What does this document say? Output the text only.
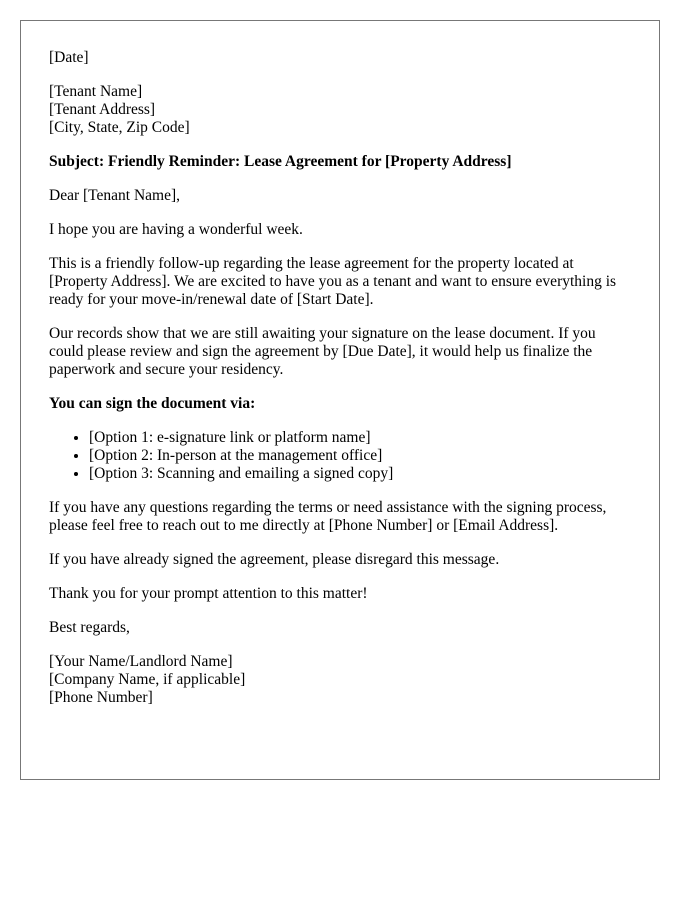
[Date]

[Tenant Name]
[Tenant Address]
[City, State, Zip Code]

Subject: Friendly Reminder: Lease Agreement for [Property Address]

Dear [Tenant Name],

I hope you are having a wonderful week.

This is a friendly follow-up regarding the lease agreement for the property located at [Property Address]. We are excited to have you as a tenant and want to ensure everything is ready for your move-in/renewal date of [Start Date].

Our records show that we are still awaiting your signature on the lease document. If you could please review and sign the agreement by [Due Date], it would help us finalize the paperwork and secure your residency.

You can sign the document via:

• [Option 1: e-signature link or platform name]
• [Option 2: In-person at the management office]
• [Option 3: Scanning and emailing a signed copy]

If you have any questions regarding the terms or need assistance with the signing process, please feel free to reach out to me directly at [Phone Number] or [Email Address].

If you have already signed the agreement, please disregard this message.

Thank you for your prompt attention to this matter!

Best regards,

[Your Name/Landlord Name]
[Company Name, if applicable]
[Phone Number]
